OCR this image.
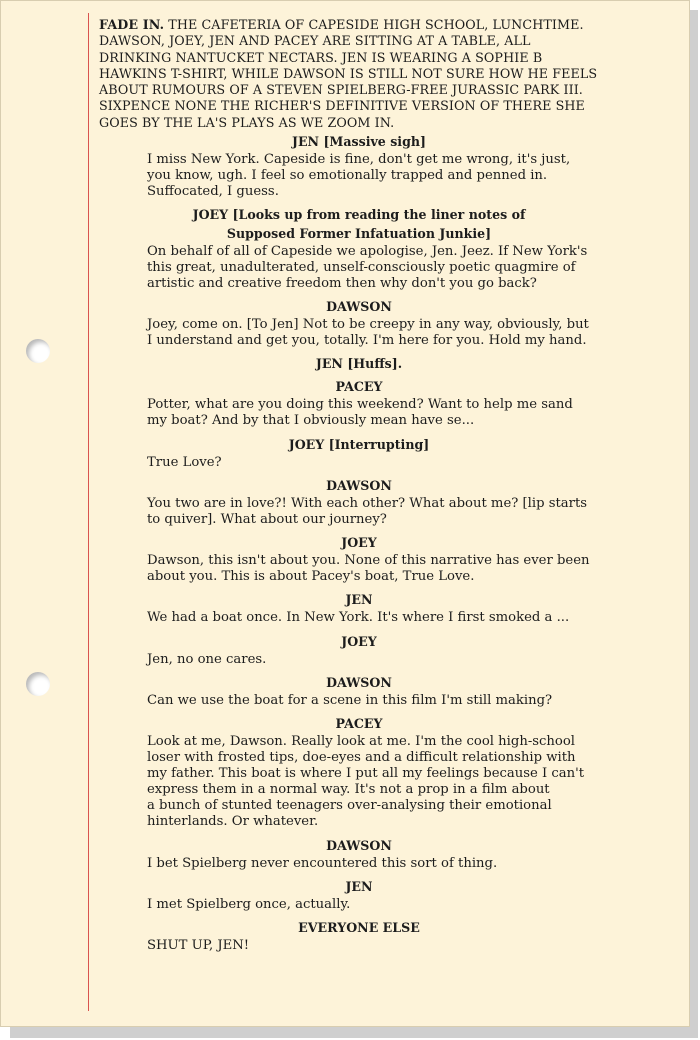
FADE IN. THE CAFETERIA OF CAPESIDE HIGH SCHOOL, LUNCHTIME.
DAWSON, JOEY, JEN AND PACEY ARE SITTING AT A TABLE, ALL
DRINKING NANTUCKET NECTARS. JEN IS WEARING A SOPHIE B
HAWKINS T-SHIRT, WHILE DAWSON IS STILL NOT SURE HOW HE FEELS
ABOUT RUMOURS OF A STEVEN SPIELBERG-FREE JURASSIC PARK III.
SIXPENCE NONE THE RICHER'S DEFINITIVE VERSION OF THERE SHE
GOES BY THE LA'S PLAYS AS WE ZOOM IN.
JEN [Massive sigh]
I miss New York. Capeside is fine, don't get me wrong, it's just,
you know, ugh. I feel so emotionally trapped and penned in.
Suffocated, I guess.
JOEY [Looks up from reading the liner notes of
Supposed Former Infatuation Junkie]
On behalf of all of Capeside we apologise, Jen. Jeez. If New York's
this great, unadulterated, unself-consciously poetic quagmire of
artistic and creative freedom then why don't you go back?
DAWSON
Joey, come on. [To Jen] Not to be creepy in any way, obviously, but
I understand and get you, totally. I'm here for you. Hold my hand.
JEN [Huffs].
PACEY
Potter, what are you doing this weekend? Want to help me sand
my boat? And by that I obviously mean have se...
JOEY [Interrupting]
True Love?
DAWSON
You two are in love?! With each other? What about me? [lip starts
to quiver]. What about our journey?
JOEY
Dawson, this isn't about you. None of this narrative has ever been
about you. This is about Pacey's boat, True Love.
JEN
We had a boat once. In New York. It's where I first smoked a ...
JOEY
Jen, no one cares.
DAWSON
Can we use the boat for a scene in this film I'm still making?
PACEY
Look at me, Dawson. Really look at me. I'm the cool high-school
loser with frosted tips, doe-eyes and a difficult relationship with
my father. This boat is where I put all my feelings because I can't
express them in a normal way. It's not a prop in a film about
a bunch of stunted teenagers over-analysing their emotional
hinterlands. Or whatever.
DAWSON
I bet Spielberg never encountered this sort of thing.
JEN
I met Spielberg once, actually.
EVERYONE ELSE
SHUT UP, JEN!
